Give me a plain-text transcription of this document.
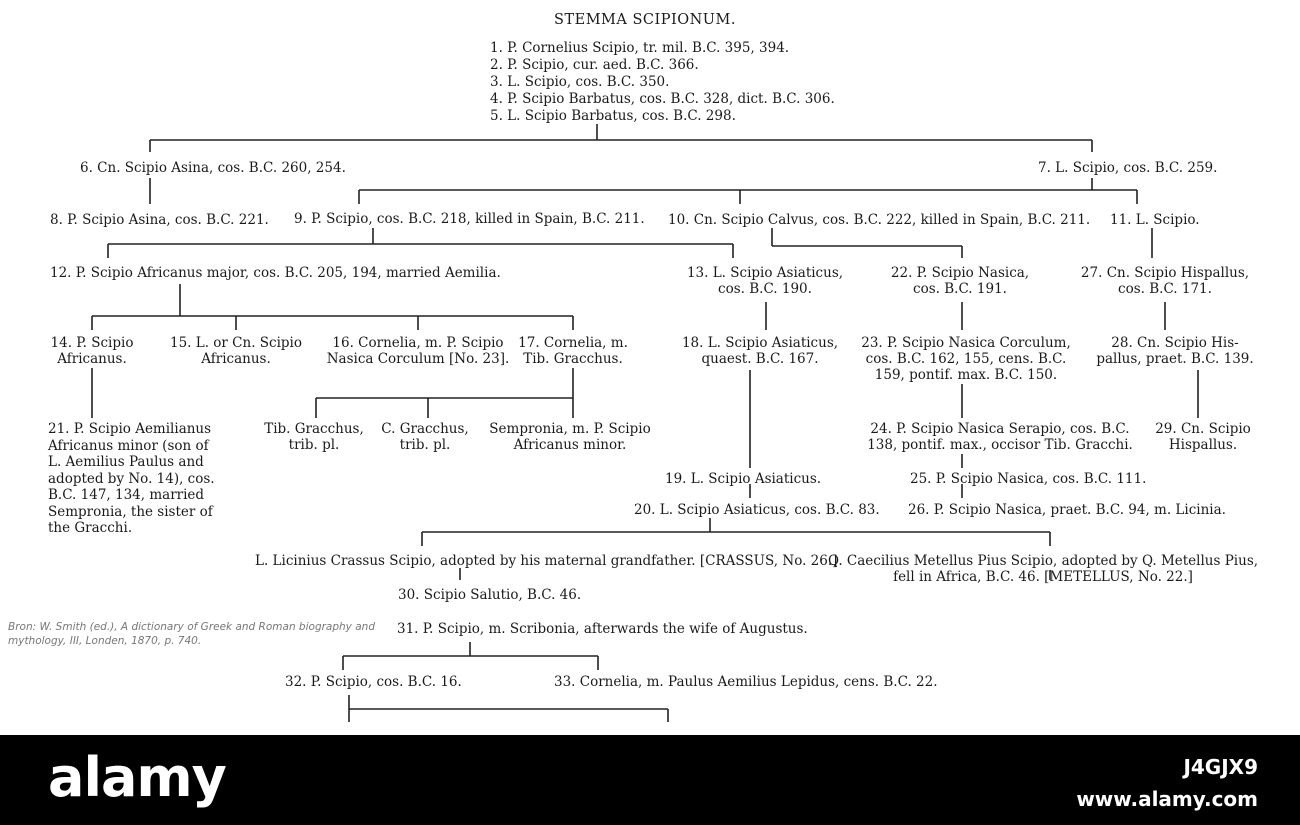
STEMMA SCIPIONUM.
1. P. Cornelius Scipio, tr. mil. B.C. 395, 394.
2. P. Scipio, cur. aed. B.C. 366.
3. L. Scipio, cos. B.C. 350.
4. P. Scipio Barbatus, cos. B.C. 328, dict. B.C. 306.
5. L. Scipio Barbatus, cos. B.C. 298.
6. Cn. Scipio Asina, cos. B.C. 260, 254.	7. L. Scipio, cos. B.C. 259.
8. P. Scipio Asina, cos. B.C. 221. 9. P. Scipio, cos. B.C. 218, killed in Spain, B.C. 211. 10. Cn. Scipio Calvus, cos. B.C. 222, killed in Spain, B.C. 211. 11. L. Scipio.
12. P. Scipio Africanus major, cos. B.C. 205, 194, married Aemilia.	13. L. Scipio Asiaticus,
cos. B.C. 190.
22. P. Scipio Nasica,
cos. B.C. 191.
27. Cn. Scipio Hispallus,
cos. B.C. 171.
14. P. Scipio
Africanus.
15. L. or Cn. Scipio
Africanus.
16. Cornelia, m. P. Scipio
Nasica Corculum [No. 23].
17. Cornelia, m.
Tib. Gracchus.
18. L. Scipio Asiaticus,
quaest. B.C. 167.
23. P. Scipio Nasica Corculum,
cos. B.C. 162, 155, cens. B.C.
159, pontif. max. B.C. 150.
28. Cn. Scipio His-
pallus, praet. B.C. 139.
21. P. Scipio Aemilianus
Africanus minor (son of
L. Aemilius Paulus and
adopted by No. 14), cos.
B.C. 147, 134, married
Sempronia, the sister of
the Gracchi.
Tib. Gracchus,
trib. pl.
C. Gracchus,
trib. pl.
Sempronia, m. P. Scipio
Africanus minor.
24. P. Scipio Nasica Serapio, cos. B.C.
138, pontif. max., occisor Tib. Gracchi.
29. Cn. Scipio
Hispallus.
19. L. Scipio Asiaticus.	25. P. Scipio Nasica, cos. B.C. 111.
20. L. Scipio Asiaticus, cos. B.C. 83. 26. P. Scipio Nasica, praet. B.C. 94, m. Licinia.
L. Licinius Crassus Scipio, adopted by his maternal grandfather. [CRASSUS, No. 26.]
Q. Caecilius Metellus Pius Scipio, adopted by Q. Metellus Pius,
fell in Africa, B.C. 46. [METELLUS, No. 22.]
30. Scipio Salutio, B.C. 46.
Bron: W. Smith (ed.), A dictionary of Greek and Roman biography and
mythology, III, Londen, 1870, p. 740.
31. P. Scipio, m. Scribonia, afterwards the wife of Augustus.
32. P. Scipio, cos. B.C. 16.	33. Cornelia, m. Paulus Aemilius Lepidus, cens. B.C. 22.
alamy	J4GJX9
www.alamy.com
